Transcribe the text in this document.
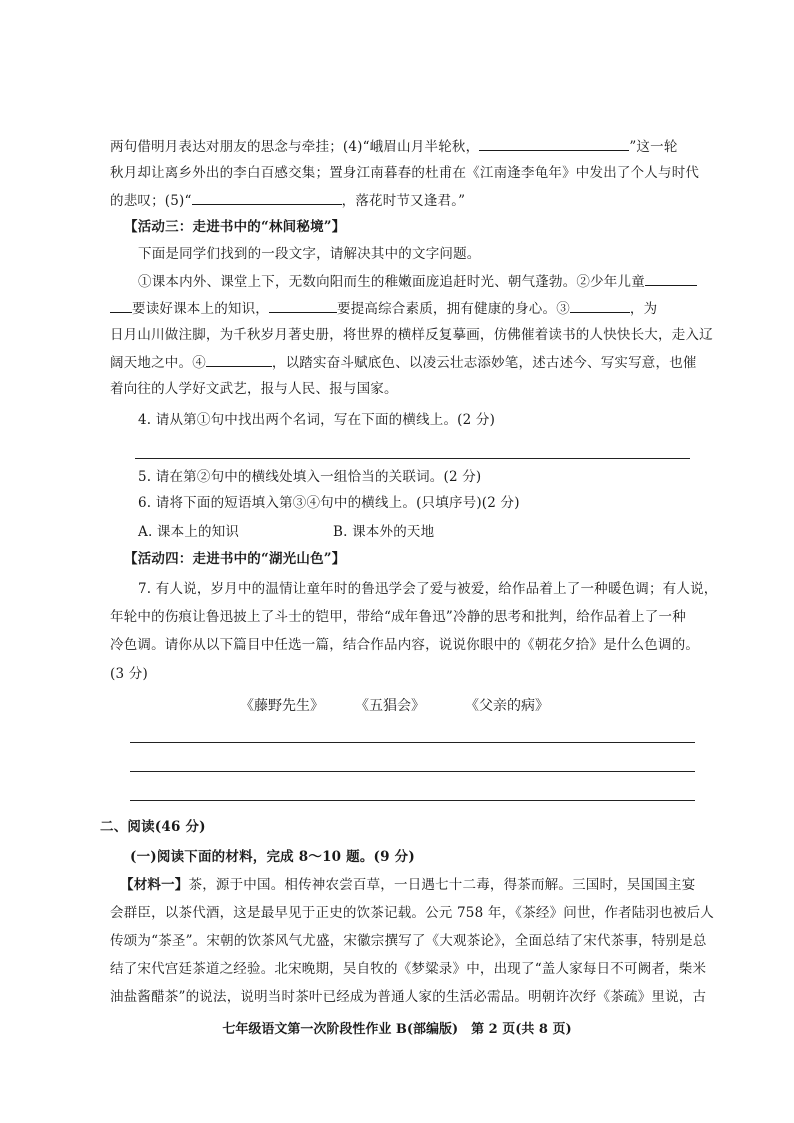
两句借明月表达对朋友的思念与牵挂；(4)“峨眉山月半轮秋，	”这一轮
秋月却让离乡外出的李白百感交集；置身江南暮春的杜甫在《江南逢李龟年》中发出了个人与时代
的悲叹；(5)“	，落花时节又逢君。”
【活动三：走进书中的“林间秘境”】
下面是同学们找到的一段文字，请解决其中的文字问题。
①课本内外、课堂上下，无数向阳而生的稚嫩面庞追赶时光、朝气蓬勃。②少年儿童
要读好课本上的知识，	要提高综合素质，拥有健康的身心。③	，为
日月山川做注脚，为千秋岁月著史册，将世界的横样反复摹画，仿佛催着读书的人快快长大，走入辽
阔天地之中。④	，以踏实奋斗赋底色、以凌云壮志添妙笔，述古述今、写实写意，也催
着向往的人学好文武艺，报与人民、报与国家。
4. 请从第①句中找出两个名词，写在下面的横线上。(2 分)
5. 请在第②句中的横线处填入一组恰当的关联词。(2 分)
6. 请将下面的短语填入第③④句中的横线上。(只填序号)(2 分)
A. 课本上的知识	B. 课本外的天地
【活动四：走进书中的“湖光山色”】
7. 有人说，岁月中的温情让童年时的鲁迅学会了爱与被爱，给作品着上了一种暖色调；有人说，
年轮中的伤痕让鲁迅披上了斗士的铠甲，带给“成年鲁迅”冷静的思考和批判，给作品着上了一种
冷色调。请你从以下篇目中任选一篇，结合作品内容，说说你眼中的《朝花夕拾》是什么色调的。
(3 分)
《藤野先生》 《五猖会》	《父亲的病》
二、阅读(46 分)
(一)阅读下面的材料，完成 8～10 题。(9 分)
【材料一】茶，源于中国。相传神农尝百草，一日遇七十二毒，得茶而解。三国时，吴国国主宴
会群臣，以茶代酒，这是最早见于正史的饮茶记载。公元 758 年，《茶经》问世，作者陆羽也被后人
传颂为“茶圣”。宋朝的饮茶风气尤盛，宋徽宗撰写了《大观茶论》，全面总结了宋代茶事，特别是总
结了宋代宫廷茶道之经验。北宋晚期，吴自牧的《梦粱录》中，出现了“盖人家每日不可阙者，柴米
油盐酱醋茶”的说法，说明当时茶叶已经成为普通人家的生活必需品。明朝许次纾《茶疏》里说，古
七年级语文第一次阶段性作业 B(部编版)　第 2 页(共 8 页)
